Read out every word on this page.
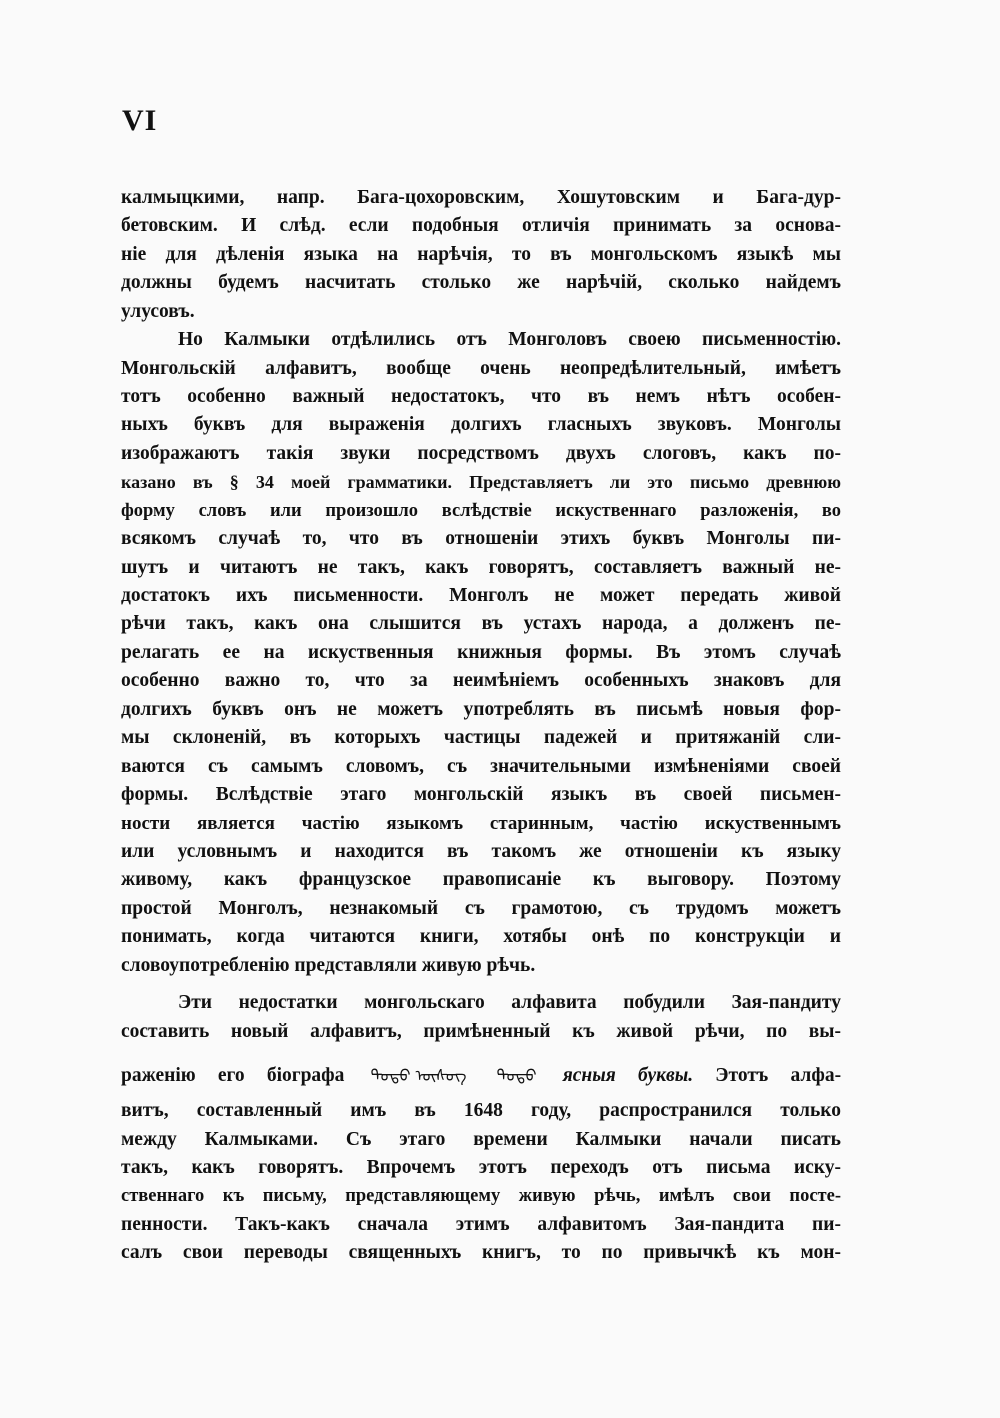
VI
калмыцкими, напр. Бага-цохоровским, Хошутовским и Бага-дур-
бетовским. И слѣд. если подобныя отличія принимать за основа-
ніе для дѣленія языка на нарѣчія, то въ монгольскомъ языкѣ мы
должны будемъ насчитать столько же нарѣчій, сколько найдемъ
улусовъ.
Но Калмыки отдѣлились отъ Монголовъ своею письменностію.
Монгольскій алфавитъ, вообще очень неопредѣлительный, имѣетъ
тотъ особенно важный недостатокъ, что въ немъ нѣтъ особен-
ныхъ буквъ для выраженія долгихъ гласныхъ звуковъ. Монголы
изображаютъ такія звуки посредствомъ двухъ слоговъ, какъ по-
казано въ § 34 моей грамматики. Представляетъ ли это письмо древнюю
форму словъ или произошло вслѣдствіе искуственнаго разложенія, во
всякомъ случаѣ то, что въ отношеніи этихъ буквъ Монголы пи-
шутъ и читаютъ не такъ, какъ говорятъ, составляетъ важный не-
достатокъ ихъ письменности. Монголъ не может передать живой
рѣчи такъ, какъ она слышится въ устахъ народа, а долженъ пе-
релагать ее на искуственныя книжныя формы. Въ этомъ случаѣ
особенно важно то, что за неимѣніемъ особенныхъ знаковъ для
долгихъ буквъ онъ не можетъ употреблять въ письмѣ новыя фор-
мы склоненій, въ которыхъ частицы падежей и притяжаній сли-
ваются съ самымъ словомъ, съ значительными измѣненіями своей
формы. Вслѣдствіе этаго монгольскій языкъ въ своей письмен-
ности является частію языкомъ старинным, частію искуственнымъ
или условнымъ и находится въ такомъ же отношеніи къ языку
живому, какъ французское правописаніе къ выговору. Поэтому
простой Монголъ, незнакомый съ грамотою, съ трудомъ можетъ
понимать, когда читаются книги, хотябы онѣ по конструкціи и
словоупотребленію представляли живую рѣчь.
Эти недостатки монгольскаго алфавита побудили Зая-пандиту
составить новый алфавитъ, примѣненный къ живой рѣчи, по вы-
раженію его біографа ᠲᠣᠳᠣ ᠦᠰᠦᠭ ᠲᠣᠳᠣ ясныя буквы. Этотъ алфа-
витъ, составленный имъ въ 1648 году, распространился только
между Калмыками. Съ этаго времени Калмыки начали писать
такъ, какъ говорятъ. Впрочемъ этотъ переходъ отъ письма иску-
ственнаго къ письму, представляющему живую рѣчь, имѣлъ свои посте-
пенности. Такъ-какъ сначала этимъ алфавитомъ Зая-пандита пи-
салъ свои переводы священныхъ книгъ, то по привычкѣ къ мон-
